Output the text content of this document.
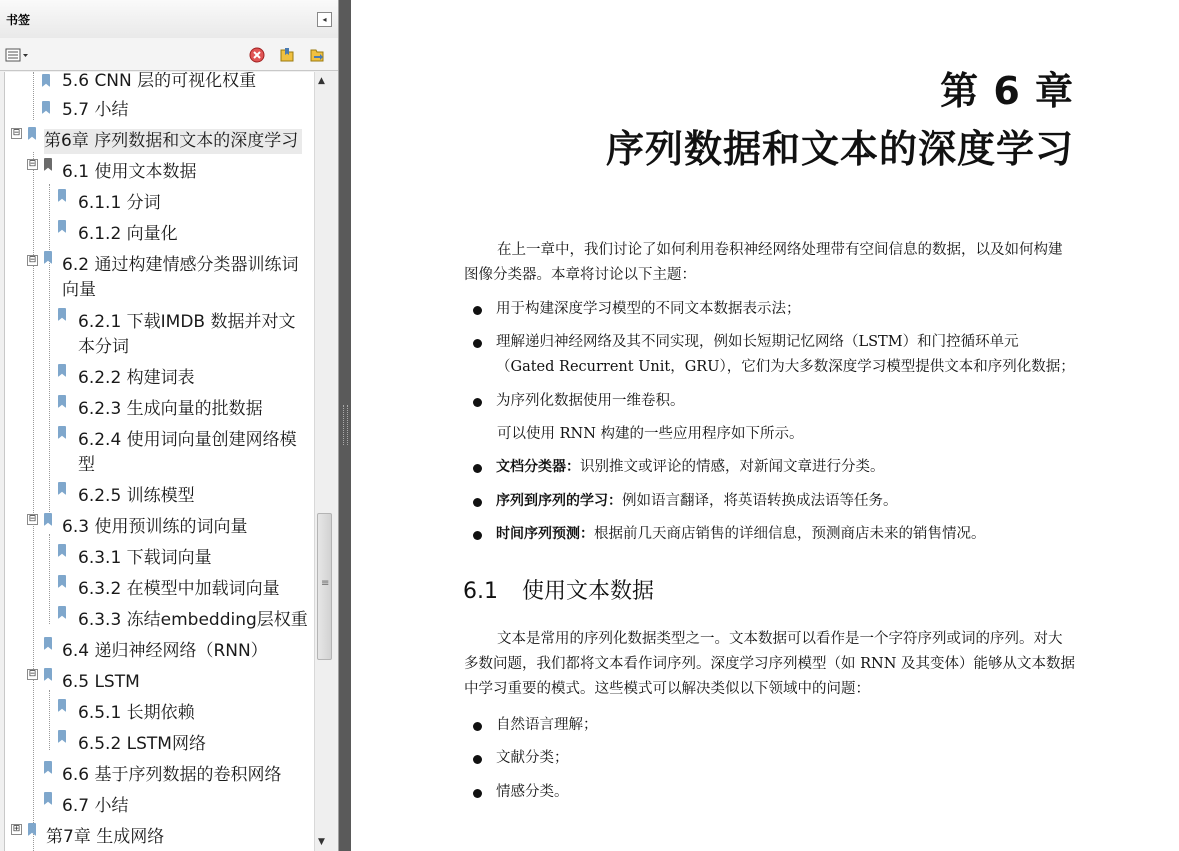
书签	◂
5.6 CNN 层的可视化权重
5.7 小结
⊟ 第6章 序列数据和文本的深度学习
⊟ 6.1 使用文本数据
6.1.1 分词
6.1.2 向量化
⊟ 6.2 通过构建情感分类器训练词
向量
6.2.1 下载IMDB 数据并对文
本分词
6.2.2 构建词表
6.2.3 生成向量的批数据
6.2.4 使用词向量创建网络模
型
6.2.5 训练模型
⊟ 6.3 使用预训练的词向量
6.3.1 下载词向量
6.3.2 在模型中加载词向量
6.3.3 冻结embedding层权重
6.4 递归神经网络（RNN）
⊟ 6.5 LSTM
6.5.1 长期依赖
6.5.2 LSTM网络
6.6 基于序列数据的卷积网络
6.7 小结
⊞ 第7章 生成网络
▲
≡
▼
第 6 章
序列数据和文本的深度学习
在上一章中，我们讨论了如何利用卷积神经网络处理带有空间信息的数据，以及如何构建图像分类器。本章将讨论以下主题：
用于构建深度学习模型的不同文本数据表示法；
理解递归神经网络及其不同实现，例如长短期记忆网络（LSTM）和门控循环单元（Gated Recurrent Unit，GRU），它们为大多数深度学习模型提供文本和序列化数据；
为序列化数据使用一维卷积。
可以使用 RNN 构建的一些应用程序如下所示。
文档分类器：识别推文或评论的情感，对新闻文章进行分类。
序列到序列的学习：例如语言翻译，将英语转换成法语等任务。
时间序列预测：根据前几天商店销售的详细信息，预测商店未来的销售情况。
6.1 使用文本数据
文本是常用的序列化数据类型之一。文本数据可以看作是一个字符序列或词的序列。对大多数问题，我们都将文本看作词序列。深度学习序列模型（如 RNN 及其变体）能够从文本数据中学习重要的模式。这些模式可以解决类似以下领域中的问题：
自然语言理解；
文献分类；
情感分类。
